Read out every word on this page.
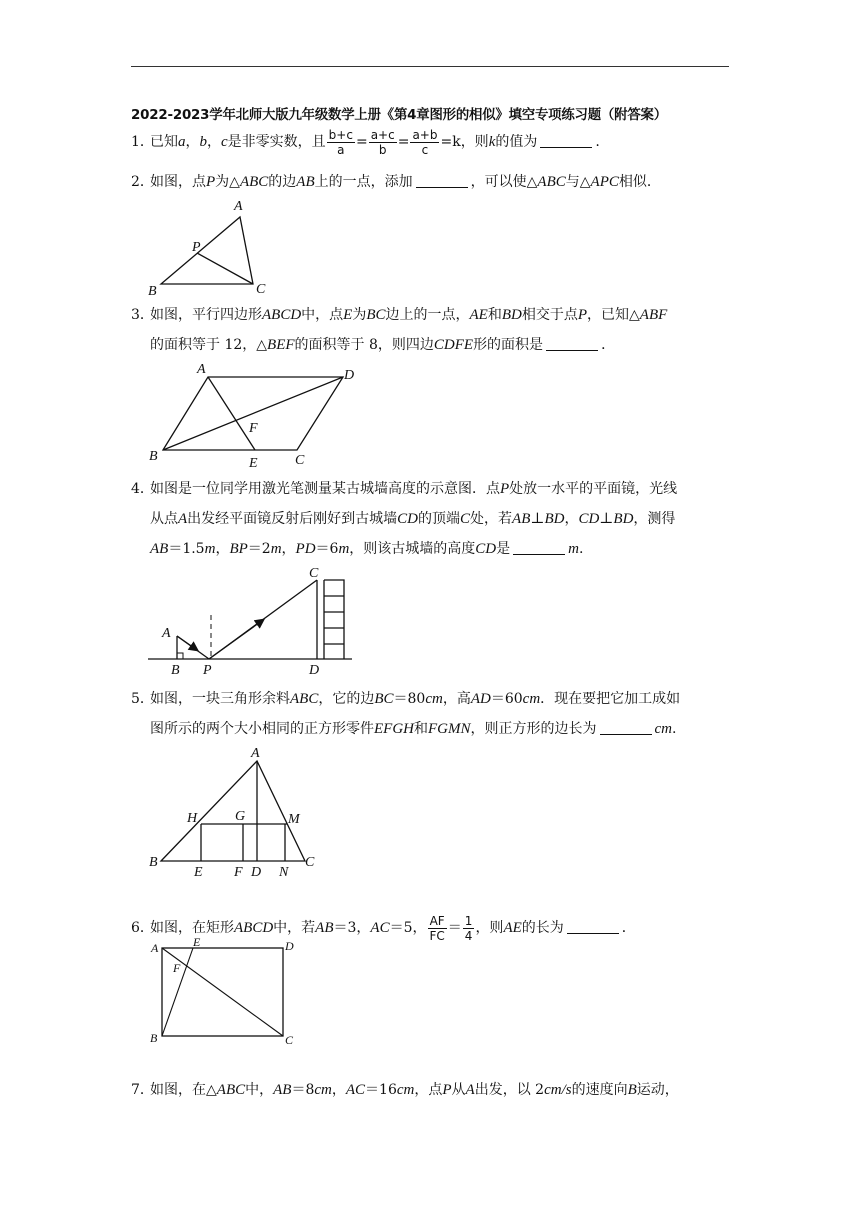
2022-2023学年北师大版九年级数学上册《第4章图形的相似》填空专项练习题（附答案）
1．已知a，b，c是非零实数，且 $\frac{b+c}{a} = \frac{a+c}{b} = \frac{a+b}{c} =k$，则k的值为	.
2．如图，点P为△ABC的边AB上的一点，添加	，可以使△ABC与△APC相似．
A
P
B	C
3．如图，平行四边形ABCD中，点E为BC边上的一点，AE和BD相交于点P，已知△ABF
的面积等于 12，△BEF的面积等于 8，则四边CDFE形的面积是	．
A	D
F
B	E	C
4．如图是一位同学用激光笔测量某古城墙高度的示意图．点P处放一水平的平面镜，光线
从点A出发经平面镜反射后刚好到古城墙CD的顶端C处，若AB⊥BD，CD⊥BD，测得
AB＝1.5m，BP＝2m，PD＝6m，则该古城墙的高度CD是	m.
A
B P
C
D
5．如图，一块三角形余料ABC，它的边BC＝80cm，高AD＝60cm．现在要把它加工成如
图所示的两个大小相同的正方形零件EFGH和FGMN，则正方形的边长为	cm.
A
H	G	M
B
E F D N
C
6．如图，在矩形ABCD中，若AB＝3，AC＝5， $\frac{AF}{FC} = \frac{1}{4}$ ，则AE的长为	．
A	E	D
F
B	C
7．如图，在△ABC中，AB＝8cm，AC＝16cm，点P从A出发，以 2cm/s的速度向B运动，
